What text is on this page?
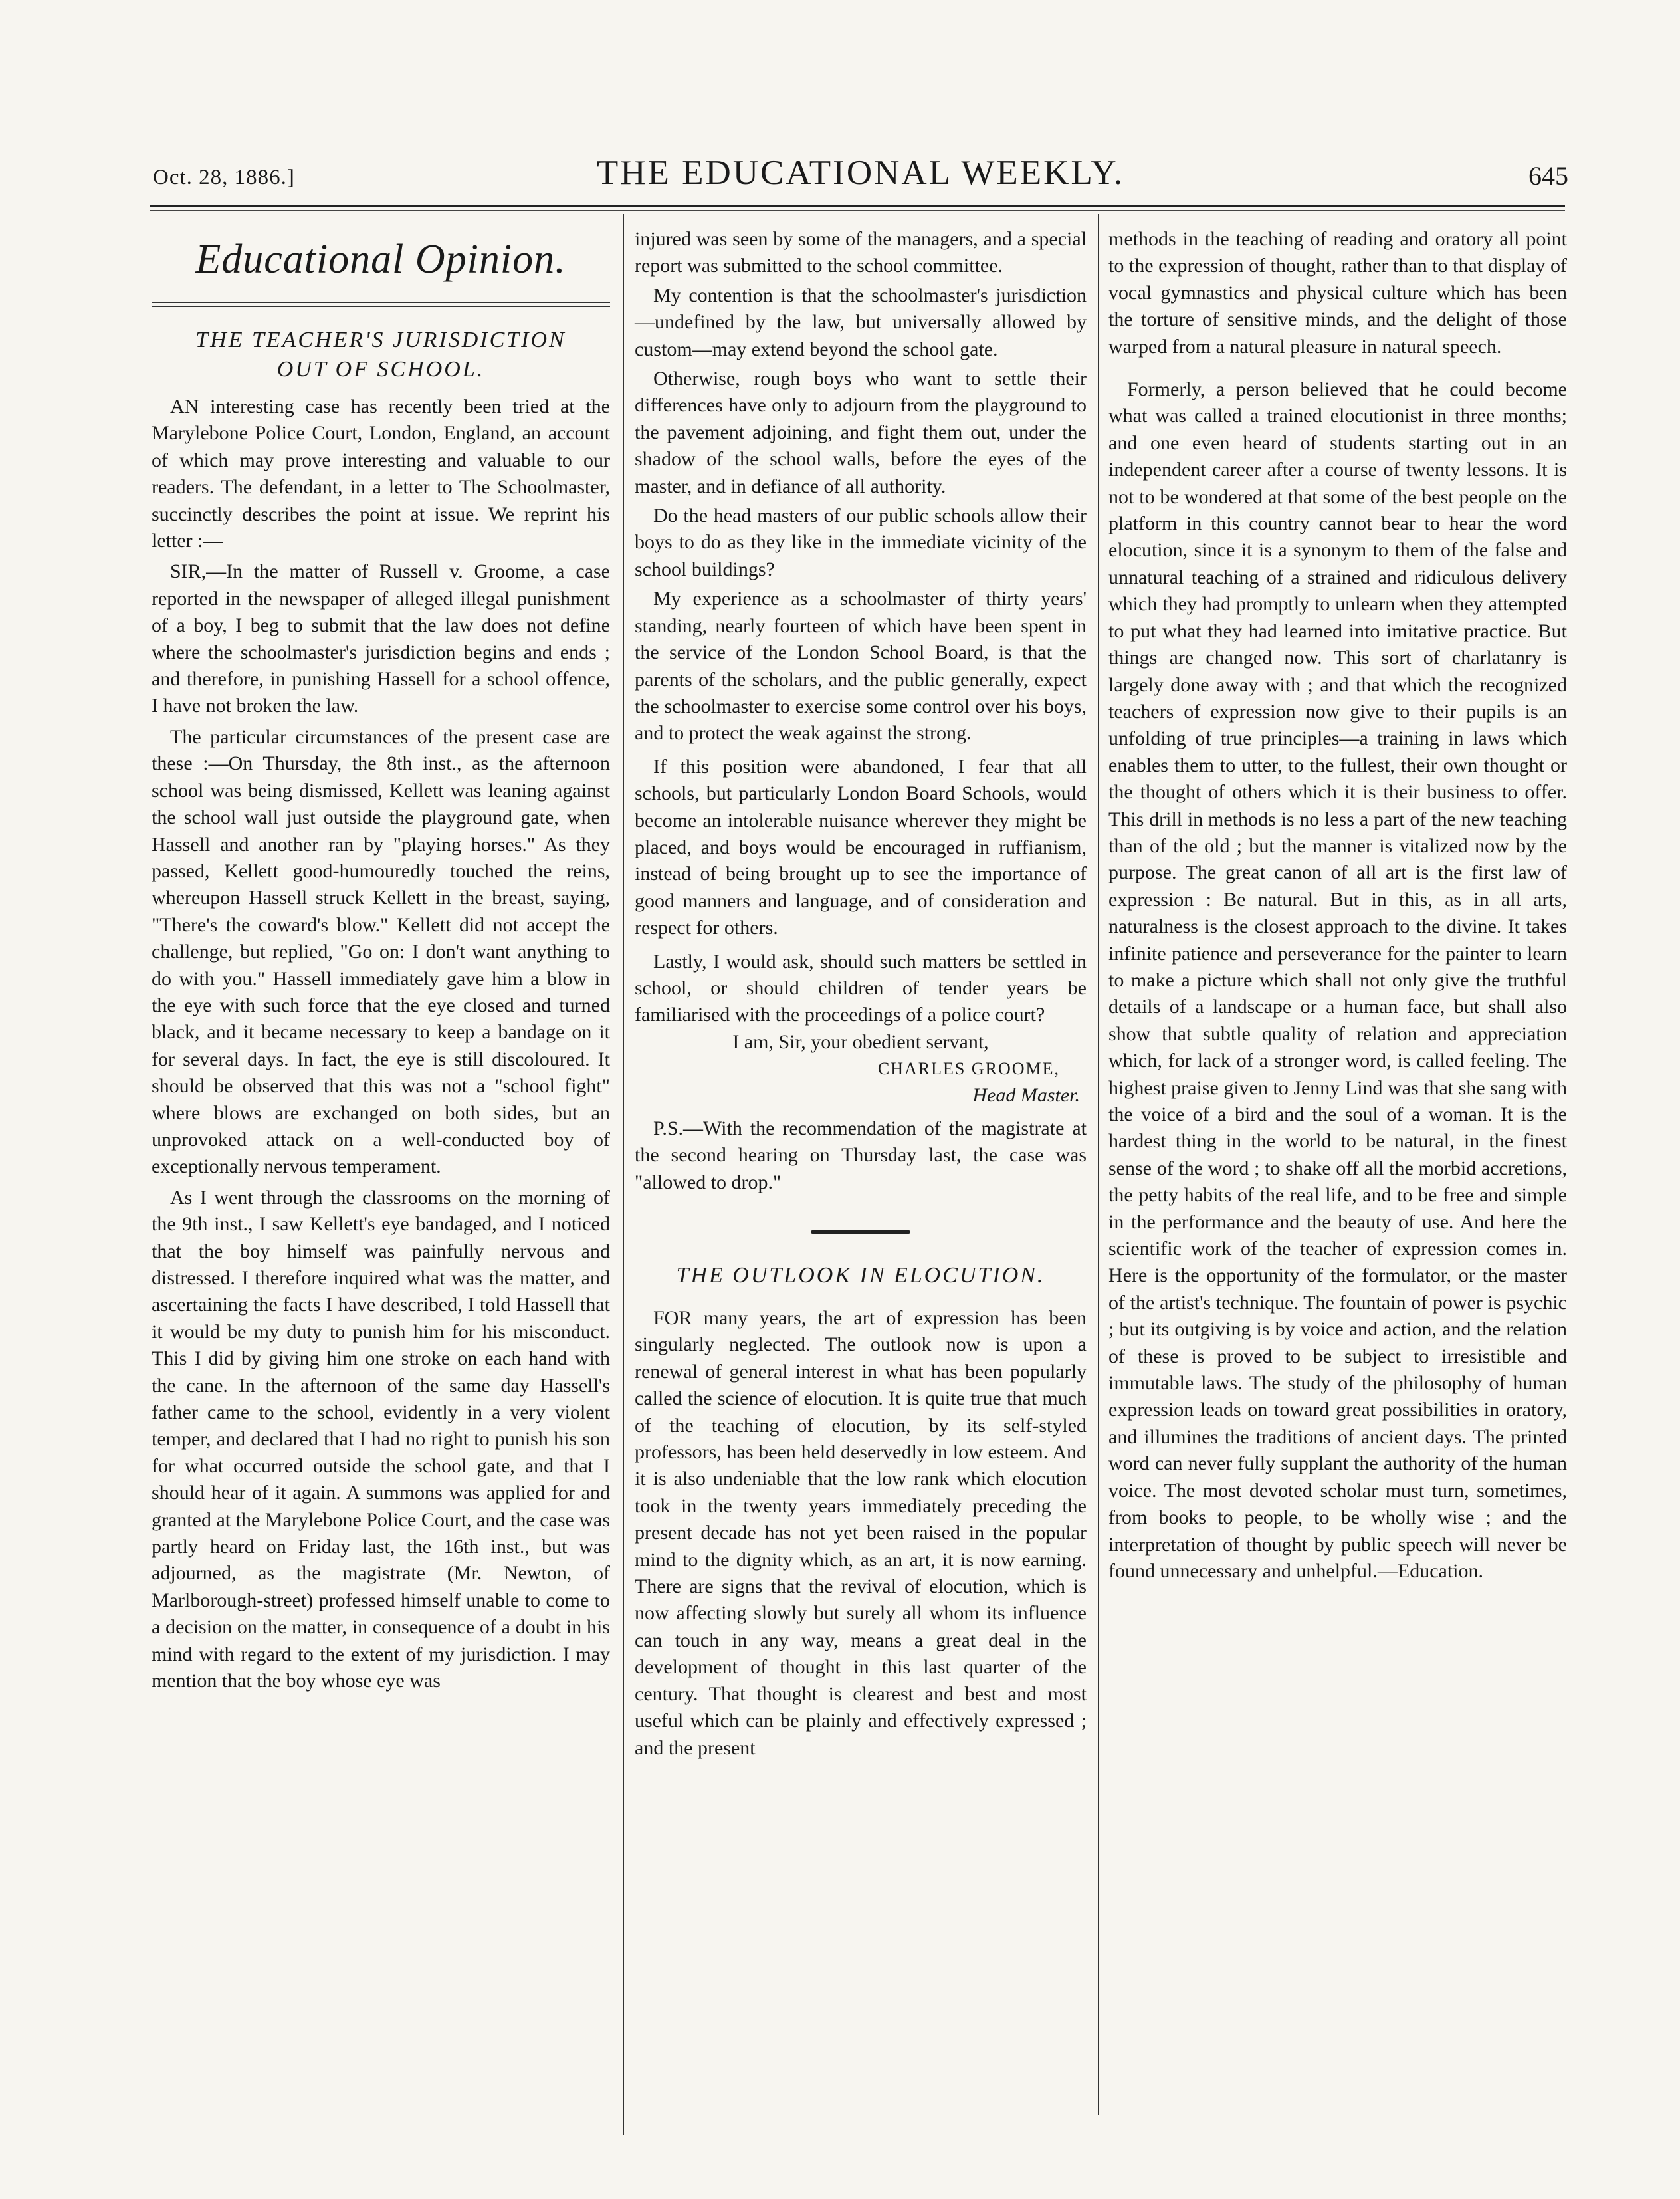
Oct. 28, 1886.]	THE EDUCATIONAL WEEKLY.	645
Educational Opinion.
THE TEACHER'S JURISDICTION
OUT OF SCHOOL.

AN interesting case has recently been tried at the Marylebone Police Court, London, England, an account of which may prove interesting and valuable to our readers. The defendant, in a letter to The Schoolmaster, succinctly describes the point at issue. We reprint his letter :—

SIR,—In the matter of Russell v. Groome, a case reported in the newspaper of alleged illegal punishment of a boy, I beg to submit that the law does not define where the schoolmaster's jurisdiction begins and ends ; and therefore, in punishing Hassell for a school offence, I have not broken the law.

The particular circumstances of the present case are these :—On Thursday, the 8th inst., as the afternoon school was being dismissed, Kellett was leaning against the school wall just outside the playground gate, when Hassell and another ran by "playing horses." As they passed, Kellett good-humouredly touched the reins, whereupon Hassell struck Kellett in the breast, saying, "There's the coward's blow." Kellett did not accept the challenge, but replied, "Go on: I don't want anything to do with you." Hassell immediately gave him a blow in the eye with such force that the eye closed and turned black, and it became necessary to keep a bandage on it for several days. In fact, the eye is still discoloured. It should be observed that this was not a "school fight" where blows are exchanged on both sides, but an unprovoked attack on a well-conducted boy of exceptionally nervous temperament.

As I went through the classrooms on the morning of the 9th inst., I saw Kellett's eye bandaged, and I noticed that the boy himself was painfully nervous and distressed. I therefore inquired what was the matter, and ascertaining the facts I have described, I told Hassell that it would be my duty to punish him for his misconduct. This I did by giving him one stroke on each hand with the cane. In the afternoon of the same day Hassell's father came to the school, evidently in a very violent temper, and declared that I had no right to punish his son for what occurred outside the school gate, and that I should hear of it again. A summons was applied for and granted at the Marylebone Police Court, and the case was partly heard on Friday last, the 16th inst., but was adjourned, as the magistrate (Mr. Newton, of Marlborough-street) professed himself unable to come to a decision on the matter, in consequence of a doubt in his mind with regard to the extent of my jurisdiction. I may mention that the boy whose eye was

injured was seen by some of the managers, and a special report was submitted to the school committee.

My contention is that the schoolmaster's jurisdiction—undefined by the law, but universally allowed by custom—may extend beyond the school gate.

Otherwise, rough boys who want to settle their differences have only to adjourn from the playground to the pavement adjoining, and fight them out, under the shadow of the school walls, before the eyes of the master, and in defiance of all authority.

Do the head masters of our public schools allow their boys to do as they like in the immediate vicinity of the school buildings?

My experience as a schoolmaster of thirty years' standing, nearly fourteen of which have been spent in the service of the London School Board, is that the parents of the scholars, and the public generally, expect the schoolmaster to exercise some control over his boys, and to protect the weak against the strong.

If this position were abandoned, I fear that all schools, but particularly London Board Schools, would become an intolerable nuisance wherever they might be placed, and boys would be encouraged in ruffianism, instead of being brought up to see the importance of good manners and language, and of consideration and respect for others.

Lastly, I would ask, should such matters be settled in school, or should children of tender years be familiarised with the proceedings of a police court?

I am, Sir, your obedient servant,
CHARLES GROOME,
Head Master.

P.S.—With the recommendation of the magistrate at the second hearing on Thursday last, the case was "allowed to drop."

THE OUTLOOK IN ELOCUTION.

FOR many years, the art of expression has been singularly neglected. The outlook now is upon a renewal of general interest in what has been popularly called the science of elocution. It is quite true that much of the teaching of elocution, by its self-styled professors, has been held deservedly in low esteem. And it is also undeniable that the low rank which elocution took in the twenty years immediately preceding the present decade has not yet been raised in the popular mind to the dignity which, as an art, it is now earning. There are signs that the revival of elocution, which is now affecting slowly but surely all whom its influence can touch in any way, means a great deal in the development of thought in this last quarter of the century. That thought is clearest and best and most useful which can be plainly and effectively expressed ; and the present

methods in the teaching of reading and oratory all point to the expression of thought, rather than to that display of vocal gymnastics and physical culture which has been the torture of sensitive minds, and the delight of those warped from a natural pleasure in natural speech.

Formerly, a person believed that he could become what was called a trained elocutionist in three months; and one even heard of students starting out in an independent career after a course of twenty lessons. It is not to be wondered at that some of the best people on the platform in this country cannot bear to hear the word elocution, since it is a synonym to them of the false and unnatural teaching of a strained and ridiculous delivery which they had promptly to unlearn when they attempted to put what they had learned into imitative practice. But things are changed now. This sort of charlatanry is largely done away with ; and that which the recognized teachers of expression now give to their pupils is an unfolding of true principles—a training in laws which enables them to utter, to the fullest, their own thought or the thought of others which it is their business to offer. This drill in methods is no less a part of the new teaching than of the old ; but the manner is vitalized now by the purpose. The great canon of all art is the first law of expression : Be natural. But in this, as in all arts, naturalness is the closest approach to the divine. It takes infinite patience and perseverance for the painter to learn to make a picture which shall not only give the truthful details of a landscape or a human face, but shall also show that subtle quality of relation and appreciation which, for lack of a stronger word, is called feeling. The highest praise given to Jenny Lind was that she sang with the voice of a bird and the soul of a woman. It is the hardest thing in the world to be natural, in the finest sense of the word ; to shake off all the morbid accretions, the petty habits of the real life, and to be free and simple in the performance and the beauty of use. And here the scientific work of the teacher of expression comes in. Here is the opportunity of the formulator, or the master of the artist's technique. The fountain of power is psychic ; but its outgiving is by voice and action, and the relation of these is proved to be subject to irresistible and immutable laws. The study of the philosophy of human expression leads on toward great possibilities in oratory, and illumines the traditions of ancient days. The printed word can never fully supplant the authority of the human voice. The most devoted scholar must turn, sometimes, from books to people, to be wholly wise ; and the interpretation of thought by public speech will never be found unnecessary and unhelpful.—Education.
